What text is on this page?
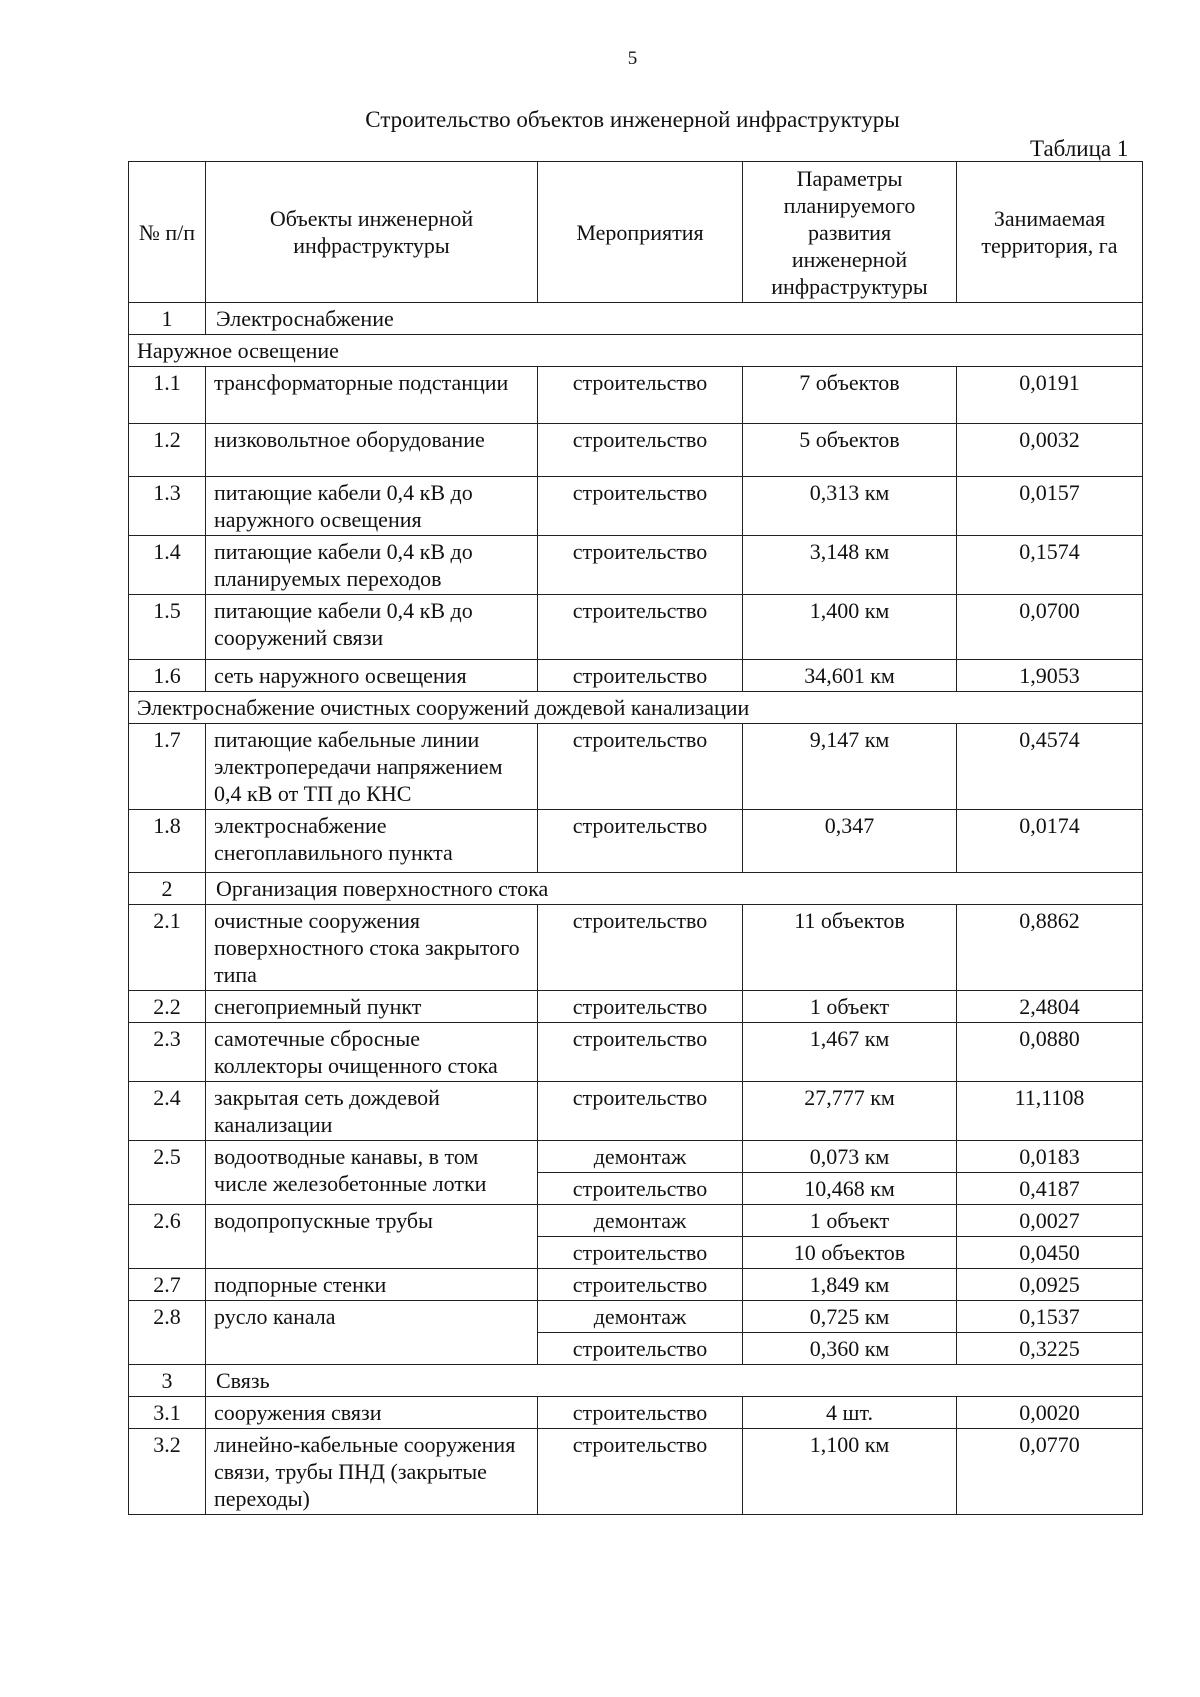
5
Строительство объектов инженерной инфраструктуры
Таблица 1
№ п/п	Объекты инженерной инфраструктуры	Мероприятия	Параметры планируемого развития инженерной инфраструктуры	Занимаемая территория, га
1	Электроснабжение			
Наружное освещение				
1.1	трансформаторные подстанции	строительство	7 объектов	0,0191
1.2	низковольтное оборудование	строительство	5 объектов	0,0032
1.3	питающие кабели 0,4 кВ до наружного освещения	строительство	0,313 км	0,0157
1.4	питающие кабели 0,4 кВ до планируемых переходов	строительство	3,148 км	0,1574
1.5	питающие кабели 0,4 кВ до сооружений связи	строительство	1,400 км	0,0700
1.6	сеть наружного освещения	строительство	34,601 км	1,9053
Электроснабжение очистных сооружений дождевой канализации				
1.7	питающие кабельные линии электропередачи напряжением 0,4 кВ от ТП до КНС	строительство	9,147 км	0,4574
1.8	электроснабжение снегоплавильного пункта	строительство	0,347	0,0174
2	Организация поверхностного стока			
2.1	очистные сооружения поверхностного стока закрытого типа	строительство	11 объектов	0,8862
2.2	снегоприемный пункт	строительство	1 объект	2,4804
2.3	самотечные сбросные коллекторы очищенного стока	строительство	1,467 км	0,0880
2.4	закрытая сеть дождевой канализации	строительство	27,777 км	11,1108
2.5	водоотводные канавы, в том числе железобетонные лотки	демонтаж	0,073 км	0,0183
		строительство	10,468 км	0,4187
2.6	водопропускные трубы	демонтаж	1 объект	0,0027
		строительство	10 объектов	0,0450
2.7	подпорные стенки	строительство	1,849 км	0,0925
2.8	русло канала	демонтаж	0,725 км	0,1537
		строительство	0,360 км	0,3225
3	Связь			
3.1	сооружения связи	строительство	4 шт.	0,0020
3.2	линейно-кабельные сооружения связи, трубы ПНД (закрытые переходы)	строительство	1,100 км	0,0770
